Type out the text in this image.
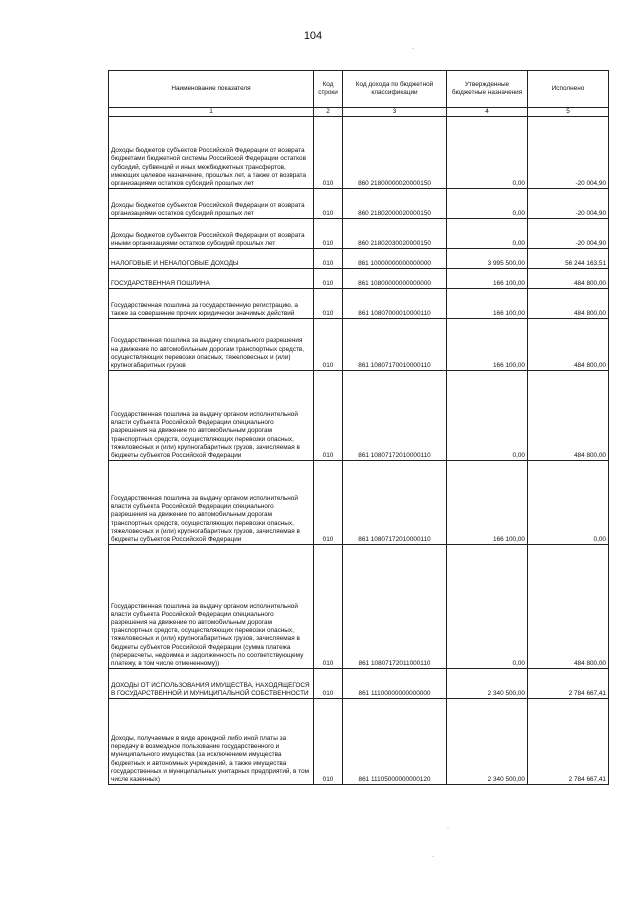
104
Наименование показателя	Код строки	Код дохода по бюджетной классификации	Утвержденные бюджетные назначения	Исполнено
1	2	3	4	5

Доходы бюджетов субъектов Российской Федерации от возврата бюджетами бюджетной системы Российской Федерации остатков субсидий, субвенций и иных межбюджетных трансфертов, имеющих целевое назначение, прошлых лет, а также от возврата организациями остатков субсидий прошлых лет	010	860 21800000020000150	0,00	-20 004,90

Доходы бюджетов субъектов Российской Федерации от возврата организациями остатков субсидий прошлых лет	010	860 21802000020000150	0,00	-20 004,90

Доходы бюджетов субъектов Российской Федерации от возврата иными организациями остатков субсидий прошлых лет	010	860 21802030020000150	0,00	-20 004,90

НАЛОГОВЫЕ И НЕНАЛОГОВЫЕ ДОХОДЫ	010	861 10000000000000000	3 995 500,00	56 244 163,51

ГОСУДАРСТВЕННАЯ ПОШЛИНА	010	861 10800000000000000	166 100,00	484 800,00

Государственная пошлина за государственную регистрацию, а также за совершение прочих юридически значимых действий	010	861 10807000010000110	166 100,00	484 800,00

Государственная пошлина за выдачу специального разрешения на движение по автомобильным дорогам транспортных средств, осуществляющих перевозки опасных, тяжеловесных и (или) крупногабаритных грузов	010	861 10807170010000110	166 100,00	484 800,00

Государственная пошлина за выдачу органом исполнительной власти субъекта Российской Федерации специального разрешения на движение по автомобильным дорогам транспортных средств, осуществляющих перевозки опасных, тяжеловесных и (или) крупногабаритных грузов, зачисляемая в бюджеты субъектов Российской Федерации	010	861 10807172010000110	0,00	484 800,00

Государственная пошлина за выдачу органом исполнительной власти субъекта Российской Федерации специального разрешения на движение по автомобильным дорогам транспортных средств, осуществляющих перевозки опасных, тяжеловесных и (или) крупногабаритных грузов, зачисляемая в бюджеты субъектов Российской Федерации	010	861 10807172010000110	166 100,00	0,00

Государственная пошлина за выдачу органом исполнительной власти субъекта Российской Федерации специального разрешения на движение по автомобильным дорогам транспортных средств, осуществляющих перевозки опасных, тяжеловесных и (или) крупногабаритных грузов, зачисляемая в бюджеты субъектов Российской Федерации (сумма платежа (перерасчеты, недоимка и задолженность по соответствующему платежу, в том числе отмененному))	010	861 10807172011000110	0,00	484 800,00

ДОХОДЫ ОТ ИСПОЛЬЗОВАНИЯ ИМУЩЕСТВА, НАХОДЯЩЕГОСЯ В ГОСУДАРСТВЕННОЙ И МУНИЦИПАЛЬНОЙ СОБСТВЕННОСТИ	010	861 11100000000000000	2 340 500,00	2 784 667,41

Доходы, получаемые в виде арендной либо иной платы за передачу в возмездное пользование государственного и муниципального имущества (за исключением имущества бюджетных и автономных учреждений, а также имущества государственных и муниципальных унитарных предприятий, в том числе казенных)	010	861 11105000000000120	2 340 500,00	2 784 667,41
·
·
·
